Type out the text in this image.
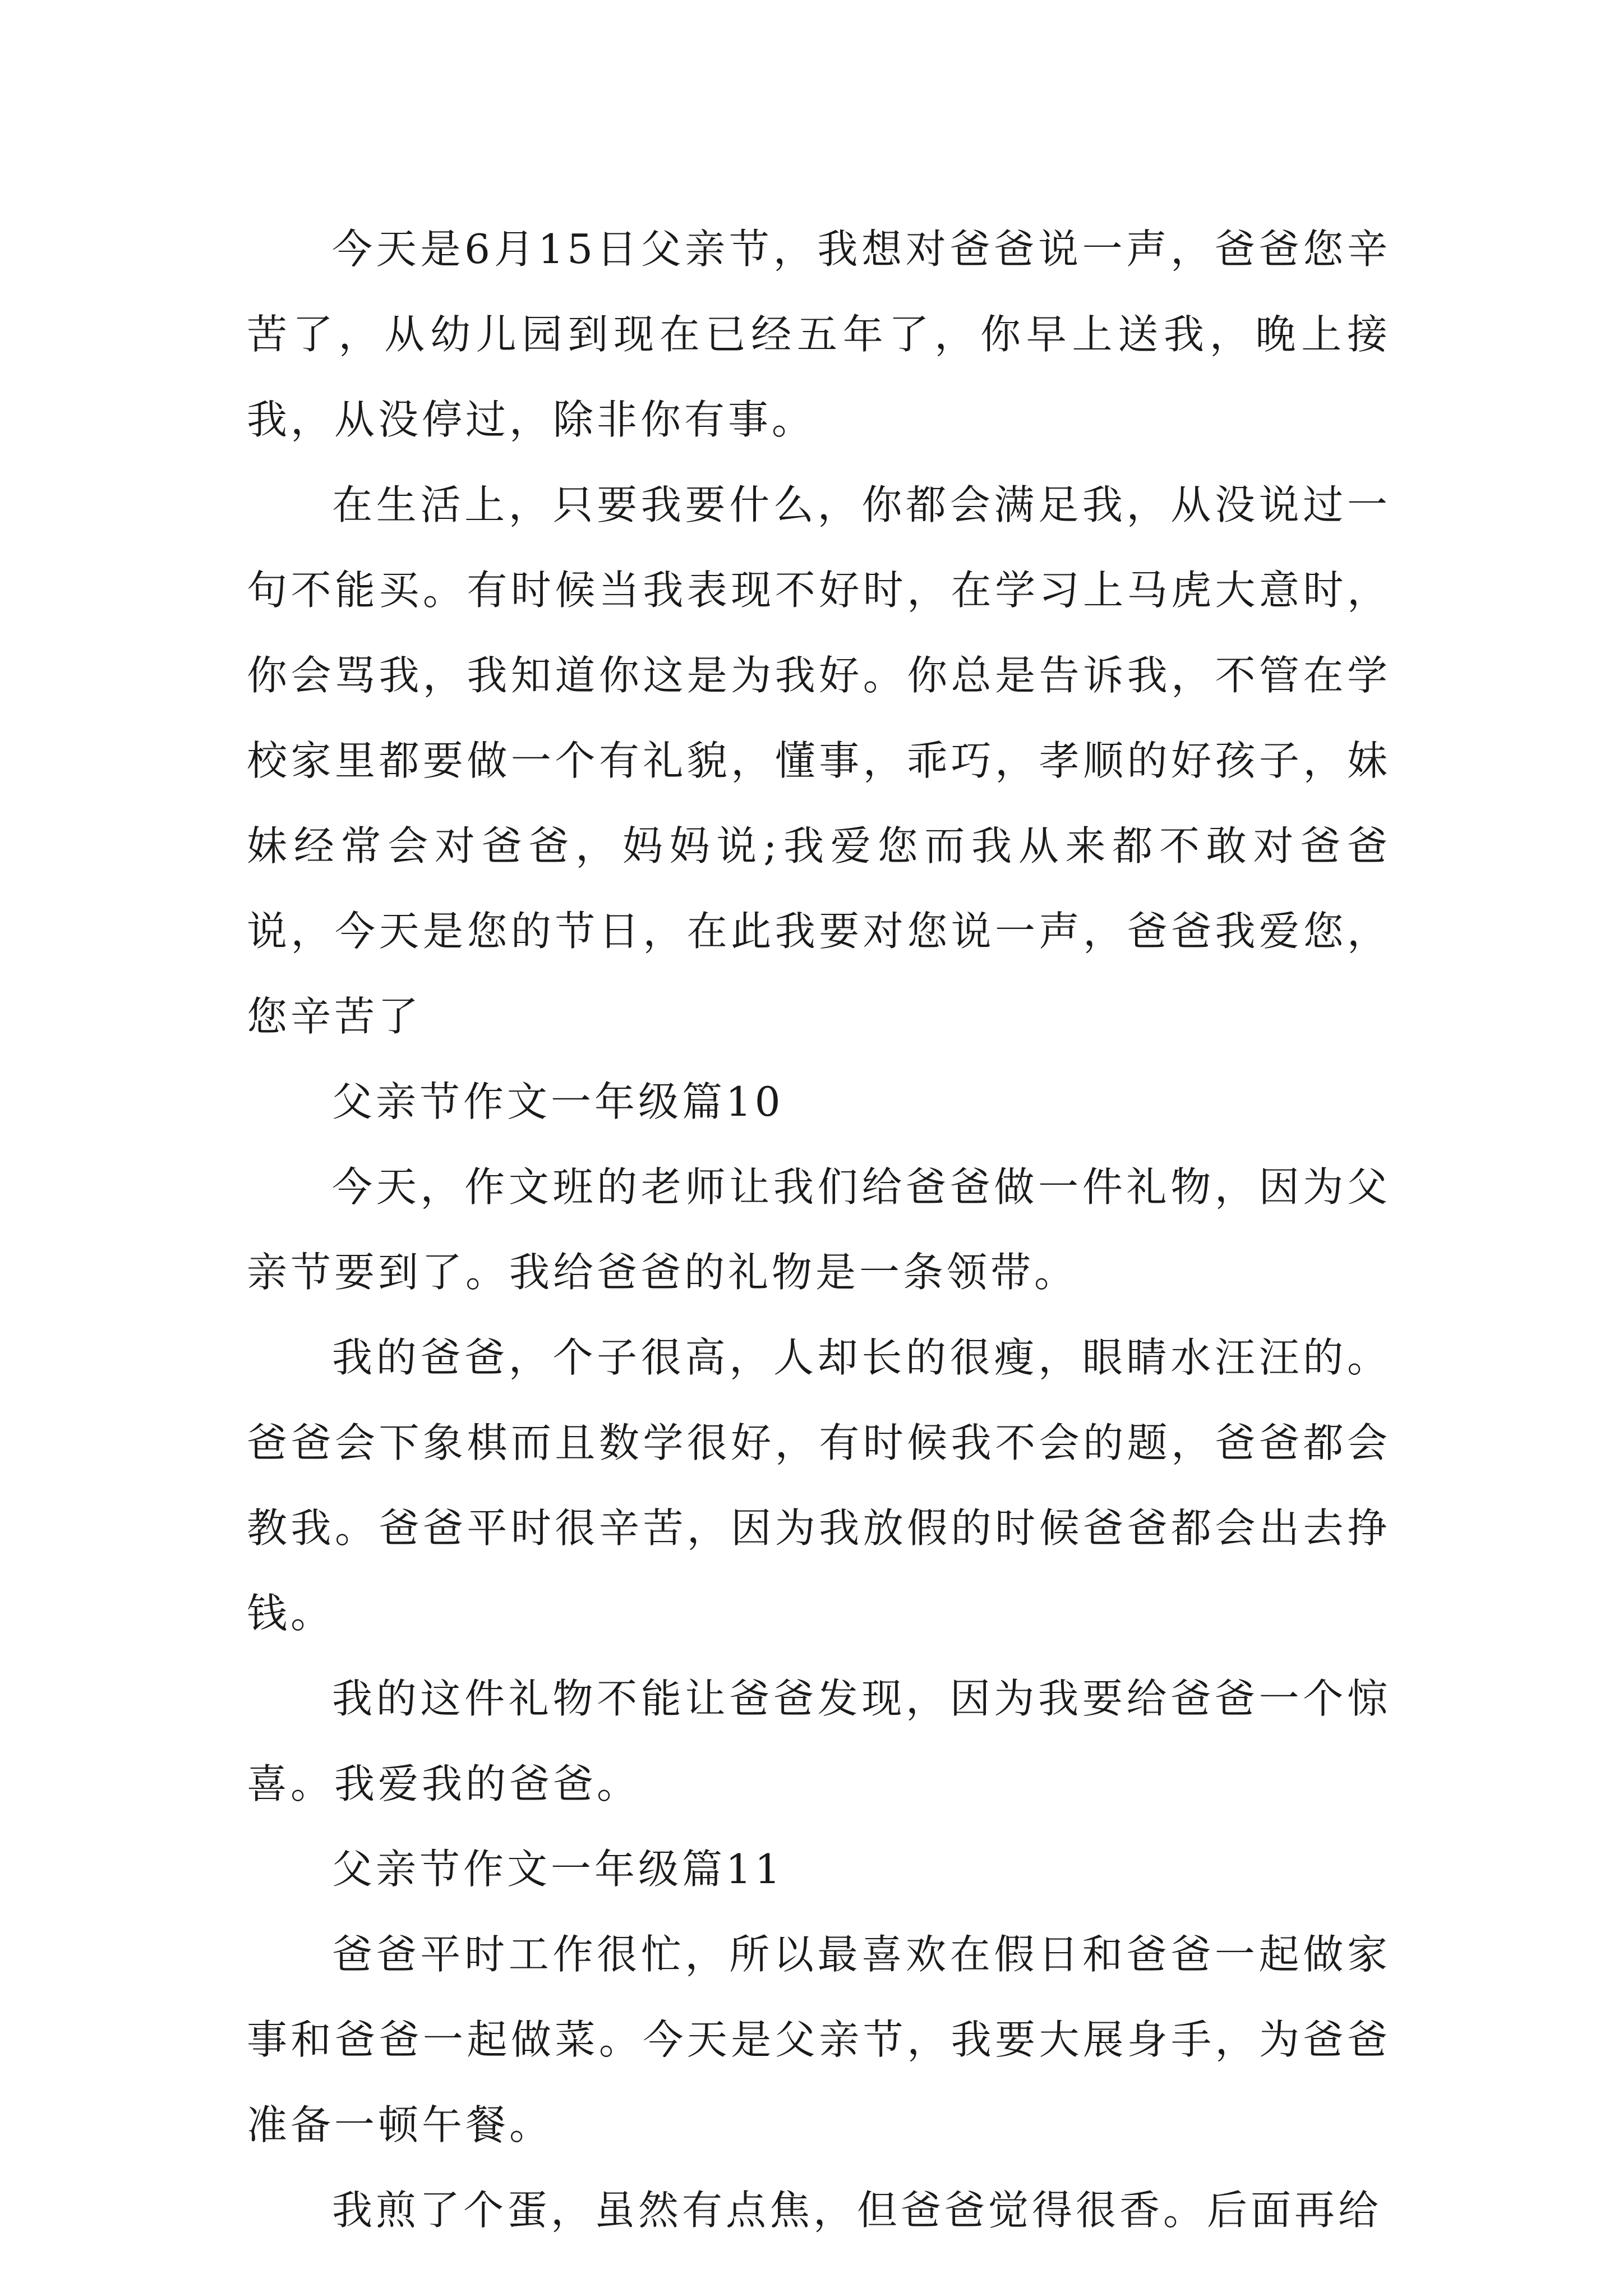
今天是6月15日父亲节，我想对爸爸说一声，爸爸您辛苦了，从幼儿园到现在已经五年了，你早上送我，晚上接我，从没停过，除非你有事。

在生活上，只要我要什么，你都会满足我，从没说过一句不能买。有时候当我表现不好时，在学习上马虎大意时，你会骂我，我知道你这是为我好。你总是告诉我，不管在学校家里都要做一个有礼貌，懂事，乖巧，孝顺的好孩子，妹妹经常会对爸爸，妈妈说;我爱您而我从来都不敢对爸爸说，今天是您的节日，在此我要对您说一声，爸爸我爱您，您辛苦了

父亲节作文一年级篇10

今天，作文班的老师让我们给爸爸做一件礼物，因为父亲节要到了。我给爸爸的礼物是一条领带。

我的爸爸，个子很高，人却长的很瘦，眼睛水汪汪的。爸爸会下象棋而且数学很好，有时候我不会的题，爸爸都会教我。爸爸平时很辛苦，因为我放假的时候爸爸都会出去挣钱。

我的这件礼物不能让爸爸发现，因为我要给爸爸一个惊喜。我爱我的爸爸。

父亲节作文一年级篇11

爸爸平时工作很忙，所以最喜欢在假日和爸爸一起做家事和爸爸一起做菜。今天是父亲节，我要大展身手，为爸爸准备一顿午餐。

我煎了个蛋，虽然有点焦，但爸爸觉得很香。后面再给
